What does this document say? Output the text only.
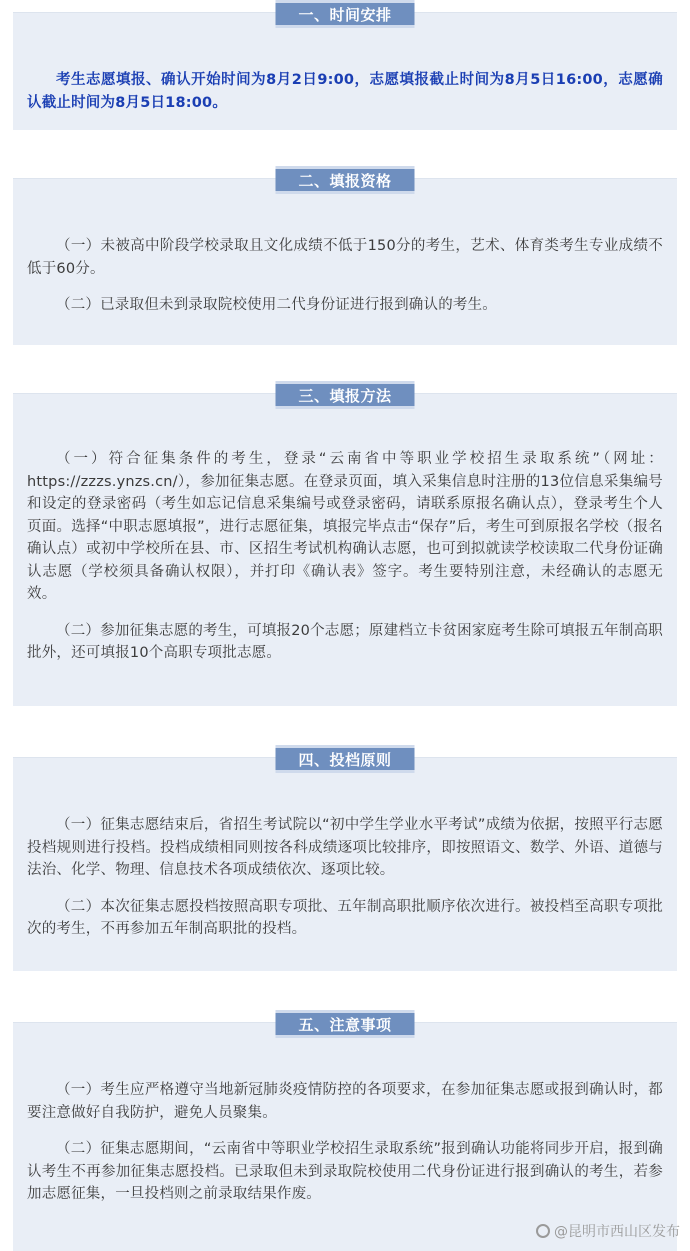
一、时间安排

考生志愿填报、确认开始时间为8月2日9:00，志愿填报截止时间为8月5日16:00，志愿确认截止时间为8月5日18:00。

二、填报资格

（一）未被高中阶段学校录取且文化成绩不低于150分的考生，艺术、体育类考生专业成绩不低于60分。

（二）已录取但未到录取院校使用二代身份证进行报到确认的考生。

三、填报方法

（一）符合征集条件的考生，登录“云南省中等职业学校招生录取系统”（网址：https://zzzs.ynzs.cn/），参加征集志愿。在登录页面，填入采集信息时注册的13位信息采集编号和设定的登录密码（考生如忘记信息采集编号或登录密码，请联系原报名确认点），登录考生个人页面。选择“中职志愿填报”，进行志愿征集，填报完毕点击“保存”后，考生可到原报名学校（报名确认点）或初中学校所在县、市、区招生考试机构确认志愿，也可到拟就读学校读取二代身份证确认志愿（学校须具备确认权限），并打印《确认表》签字。考生要特别注意，未经确认的志愿无效。

（二）参加征集志愿的考生，可填报20个志愿；原建档立卡贫困家庭考生除可填报五年制高职批外，还可填报10个高职专项批志愿。

四、投档原则

（一）征集志愿结束后，省招生考试院以“初中学生学业水平考试”成绩为依据，按照平行志愿投档规则进行投档。投档成绩相同则按各科成绩逐项比较排序，即按照语文、数学、外语、道德与法治、化学、物理、信息技术各项成绩依次、逐项比较。

（二）本次征集志愿投档按照高职专项批、五年制高职批顺序依次进行。被投档至高职专项批次的考生，不再参加五年制高职批的投档。

五、注意事项

（一）考生应严格遵守当地新冠肺炎疫情防控的各项要求，在参加征集志愿或报到确认时，都要注意做好自我防护，避免人员聚集。

（二）征集志愿期间，“云南省中等职业学校招生录取系统”报到确认功能将同步开启，报到确认考生不再参加征集志愿投档。已录取但未到录取院校使用二代身份证进行报到确认的考生，若参加志愿征集，一旦投档则之前录取结果作废。

@昆明市西山区发布
